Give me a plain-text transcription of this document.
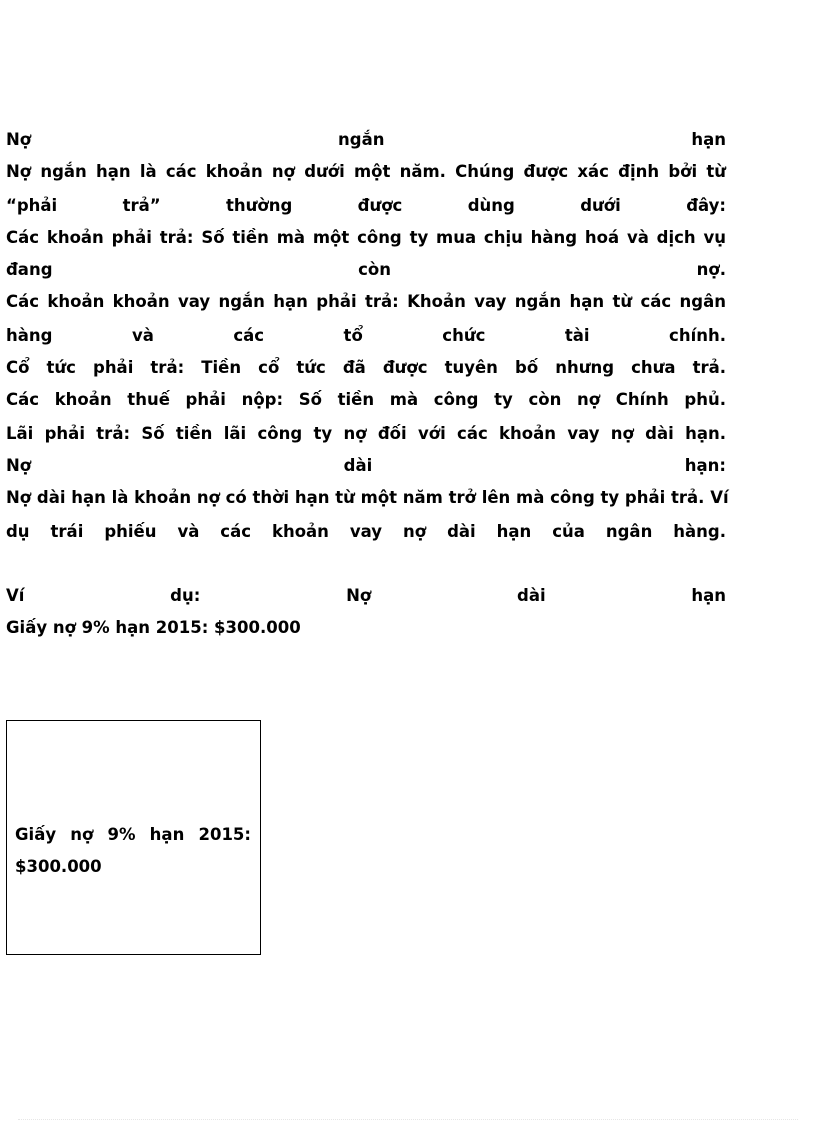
Nợ ngắn hạn
Nợ ngắn hạn là các khoản nợ dưới một năm. Chúng được xác định bởi từ
“phải trả” thường được dùng dưới đây:
Các khoản phải trả: Số tiền mà một công ty mua chịu hàng hoá và dịch vụ
đang còn nợ.
Các khoản khoản vay ngắn hạn phải trả: Khoản vay ngắn hạn từ các ngân
hàng và các tổ chức tài chính.
Cổ tức phải trả: Tiền cổ tức đã được tuyên bố nhưng chưa trả.
Các khoản thuế phải nộp: Số tiền mà công ty còn nợ Chính phủ.
Lãi phải trả: Số tiền lãi công ty nợ đối với các khoản vay nợ dài hạn.
Nợ dài hạn:
Nợ dài hạn là khoản nợ có thời hạn từ một năm trở lên mà công ty phải trả. Ví
dụ trái phiếu và các khoản vay nợ dài hạn của ngân hàng.
Ví dụ: Nợ dài hạn
Giấy nợ 9% hạn 2015: $300.000
Giấy nợ 9% hạn 2015:
$300.000
